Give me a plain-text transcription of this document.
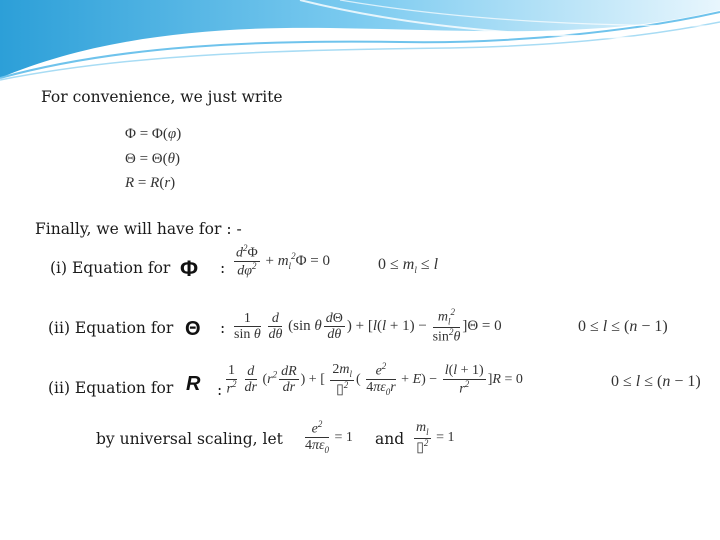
For convenience, we just write
Φ = Φ(φ)
Θ = Θ(θ)
R = R(r)
Finally, we will have for : -
(i) Equation for Φ : $\frac{d^2\Phi}{d\varphi^2} + m_l^2\Phi = 0$	$0 \le m_l \le l$
(ii) Equation for Θ : $\frac{1}{\text{sin θ}}$
$\frac{d}{d\theta} (\sin$ θ $\frac{d\Theta}{d\theta}$ ) + $[l(l + 1) - \frac{m_l^2}{\sin^2\theta} ]\Theta = 0$	0 ≤ l ≤ (n − 1)
(ii) Equation for R : $\frac{1}{r^2}$
$\frac{d}{dr} (r^2 \frac{dR}{dr}$ ) + [ $\frac{2m_l}{▯^2}$ ( $\frac{e^2}{4\pi\varepsilon_0r} + E) - \frac{l(l + 1)}{r^2} ]R = 0$	0 ≤ l ≤ (n − 1)
by universal scaling, let $\frac{e^2}{4\pi\varepsilon_0} = 1$ and $\frac{m_l}{▯^2} = 1$
